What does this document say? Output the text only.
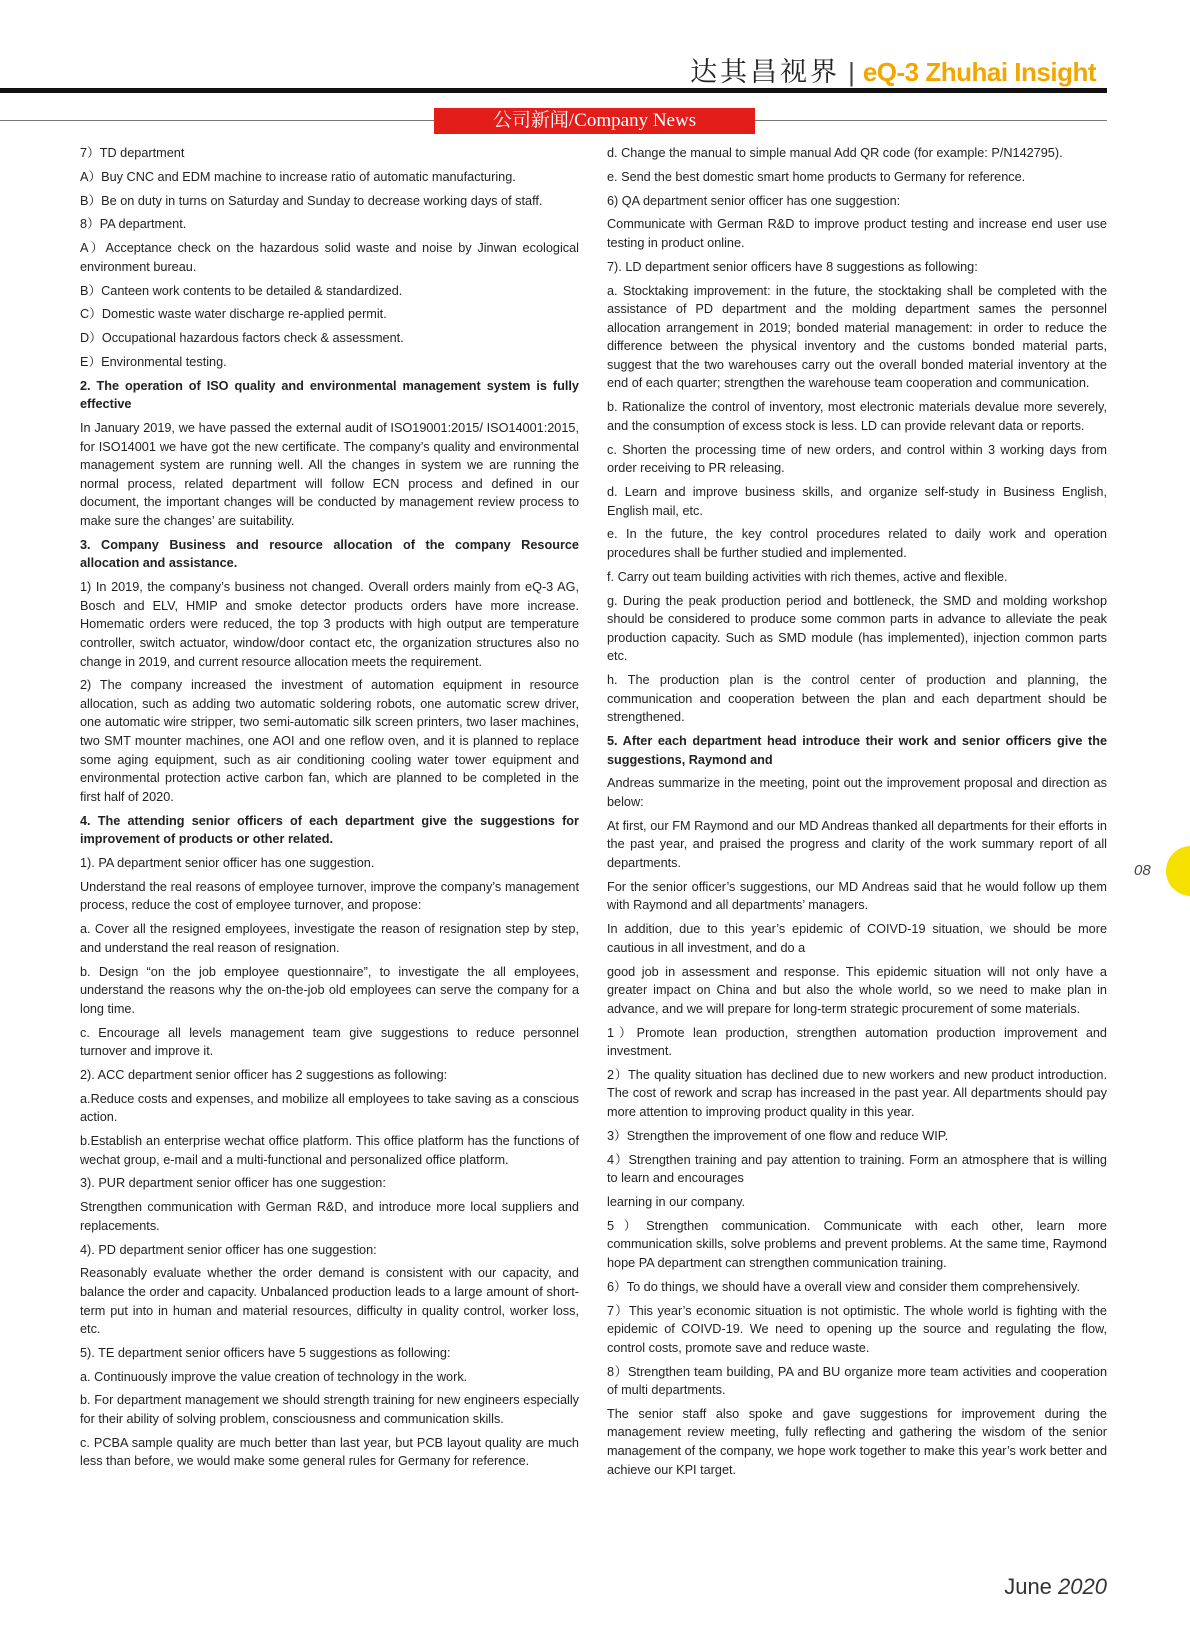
达其昌视界 | eQ-3 Zhuhai Insight
公司新闻/Company News

7）TD department

A）Buy CNC and EDM machine to increase ratio of automatic manufacturing.

B）Be on duty in turns on Saturday and Sunday to decrease working days of staff.

8）PA department.

A）Acceptance check on the hazardous solid waste and noise by Jinwan ecological environment bureau.

B）Canteen work contents to be detailed & standardized.

C）Domestic waste water discharge re-applied permit.

D）Occupational hazardous factors check & assessment.

E）Environmental testing.

2. The operation of ISO quality and environmental management system is fully effective

In January 2019, we have passed the external audit of ISO19001:2015/ ISO14001:2015, for ISO14001 we have got the new certificate. The company’s quality and environmental management system are running well. All the changes in system we are running the normal process, related department will follow ECN process and defined in our document, the important changes will be conducted by management review process to make sure the changes’ are suitability.

3. Company Business and resource allocation of the company Resource allocation and assistance.

1) In 2019, the company’s business not changed. Overall orders mainly from eQ-3 AG, Bosch and ELV, HMIP and smoke detector products orders have more increase. Homematic orders were reduced, the top 3 products with high output are temperature controller, switch actuator, window/door contact etc, the organization structures also no change in 2019, and current resource allocation meets the requirement.

2) The company increased the investment of automation equipment in resource allocation, such as adding two automatic soldering robots, one automatic screw driver, one automatic wire stripper, two semi-automatic silk screen printers, two laser machines, two SMT mounter machines, one AOI and one reflow oven, and it is planned to replace some aging equipment, such as air conditioning cooling water tower equipment and environmental protection active carbon fan, which are planned to be completed in the first half of 2020.

4. The attending senior officers of each department give the suggestions for improvement of products or other related.

1). PA department senior officer has one suggestion.

Understand the real reasons of employee turnover, improve the company’s management process, reduce the cost of employee turnover, and propose:

a. Cover all the resigned employees, investigate the reason of resignation step by step, and understand the real reason of resignation.

b. Design “on the job employee questionnaire”, to investigate the all employees, understand the reasons why the on-the-job old employees can serve the company for a long time.

c. Encourage all levels management team give suggestions to reduce personnel turnover and improve it.

2). ACC department senior officer has 2 suggestions as following:

a.Reduce costs and expenses, and mobilize all employees to take saving as a conscious action.

b.Establish an enterprise wechat office platform. This office platform has the functions of wechat group, e-mail and a multi-functional and personalized office platform.

3). PUR department senior officer has one suggestion:

Strengthen communication with German R&D, and introduce more local suppliers and replacements.

4). PD department senior officer has one suggestion:

Reasonably evaluate whether the order demand is consistent with our capacity, and balance the order and capacity. Unbalanced production leads to a large amount of short-term put into in human and material resources, difficulty in quality control, worker loss, etc.

5). TE department senior officers have 5 suggestions as following:

a. Continuously improve the value creation of technology in the work.

b. For department management we should strength training for new engineers especially for their ability of solving problem, consciousness and communication skills.

c. PCBA sample quality are much better than last year, but PCB layout quality are much less than before, we would make some general rules for Germany for reference.

d. Change the manual to simple manual Add QR code (for example: P/N142795).

e. Send the best domestic smart home products to Germany for reference.

6) QA department senior officer has one suggestion:

Communicate with German R&D to improve product testing and increase end user use testing in product online.

7). LD department senior officers have 8 suggestions as following:

a. Stocktaking improvement: in the future, the stocktaking shall be completed with the assistance of PD department and the molding department sames the personnel allocation arrangement in 2019; bonded material management: in order to reduce the difference between the physical inventory and the customs bonded material parts, suggest that the two warehouses carry out the overall bonded material inventory at the end of each quarter; strengthen the warehouse team cooperation and communication.

b. Rationalize the control of inventory, most electronic materials devalue more severely, and the consumption of excess stock is less. LD can provide relevant data or reports.

c. Shorten the processing time of new orders, and control within 3 working days from order receiving to PR releasing.

d. Learn and improve business skills, and organize self-study in Business English, English mail, etc.

e. In the future, the key control procedures related to daily work and operation procedures shall be further studied and implemented.

f. Carry out team building activities with rich themes, active and flexible.

g. During the peak production period and bottleneck, the SMD and molding workshop should be considered to produce some common parts in advance to alleviate the peak production capacity. Such as SMD module (has implemented), injection common parts etc.

h. The production plan is the control center of production and planning, the communication and cooperation between the plan and each department should be strengthened.

5. After each department head introduce their work and senior officers give the suggestions, Raymond and

Andreas summarize in the meeting, point out the improvement proposal and direction as below:

At first, our FM Raymond and our MD Andreas thanked all departments for their efforts in the past year, and praised the progress and clarity of the work summary report of all departments.

For the senior officer’s suggestions, our MD Andreas said that he would follow up them with Raymond and all departments’ managers.

In addition, due to this year’s epidemic of COIVD-19 situation, we should be more cautious in all investment, and do a

good job in assessment and response. This epidemic situation will not only have a greater impact on China and but also the whole world, so we need to make plan in advance, and we will prepare for long-term strategic procurement of some materials.

1）Promote lean production, strengthen automation production improvement and investment.

2）The quality situation has declined due to new workers and new product introduction. The cost of rework and scrap has increased in the past year. All departments should pay more attention to improving product quality in this year.

3）Strengthen the improvement of one flow and reduce WIP.

4）Strengthen training and pay attention to training. Form an atmosphere that is willing to learn and encourages

learning in our company.

5）Strengthen communication. Communicate with each other, learn more communication skills, solve problems and prevent problems. At the same time, Raymond hope PA department can strengthen communication training.

6）To do things, we should have a overall view and consider them comprehensively.

7）This year’s economic situation is not optimistic. The whole world is fighting with the epidemic of COIVD-19. We need to opening up the source and regulating the flow, control costs, promote save and reduce waste.

8）Strengthen team building, PA and BU organize more team activities and cooperation of multi departments.

The senior staff also spoke and gave suggestions for improvement during the management review meeting, fully reflecting and gathering the wisdom of the senior management of the company, we hope work together to make this year’s work better and achieve our KPI target.

08
June 2020
